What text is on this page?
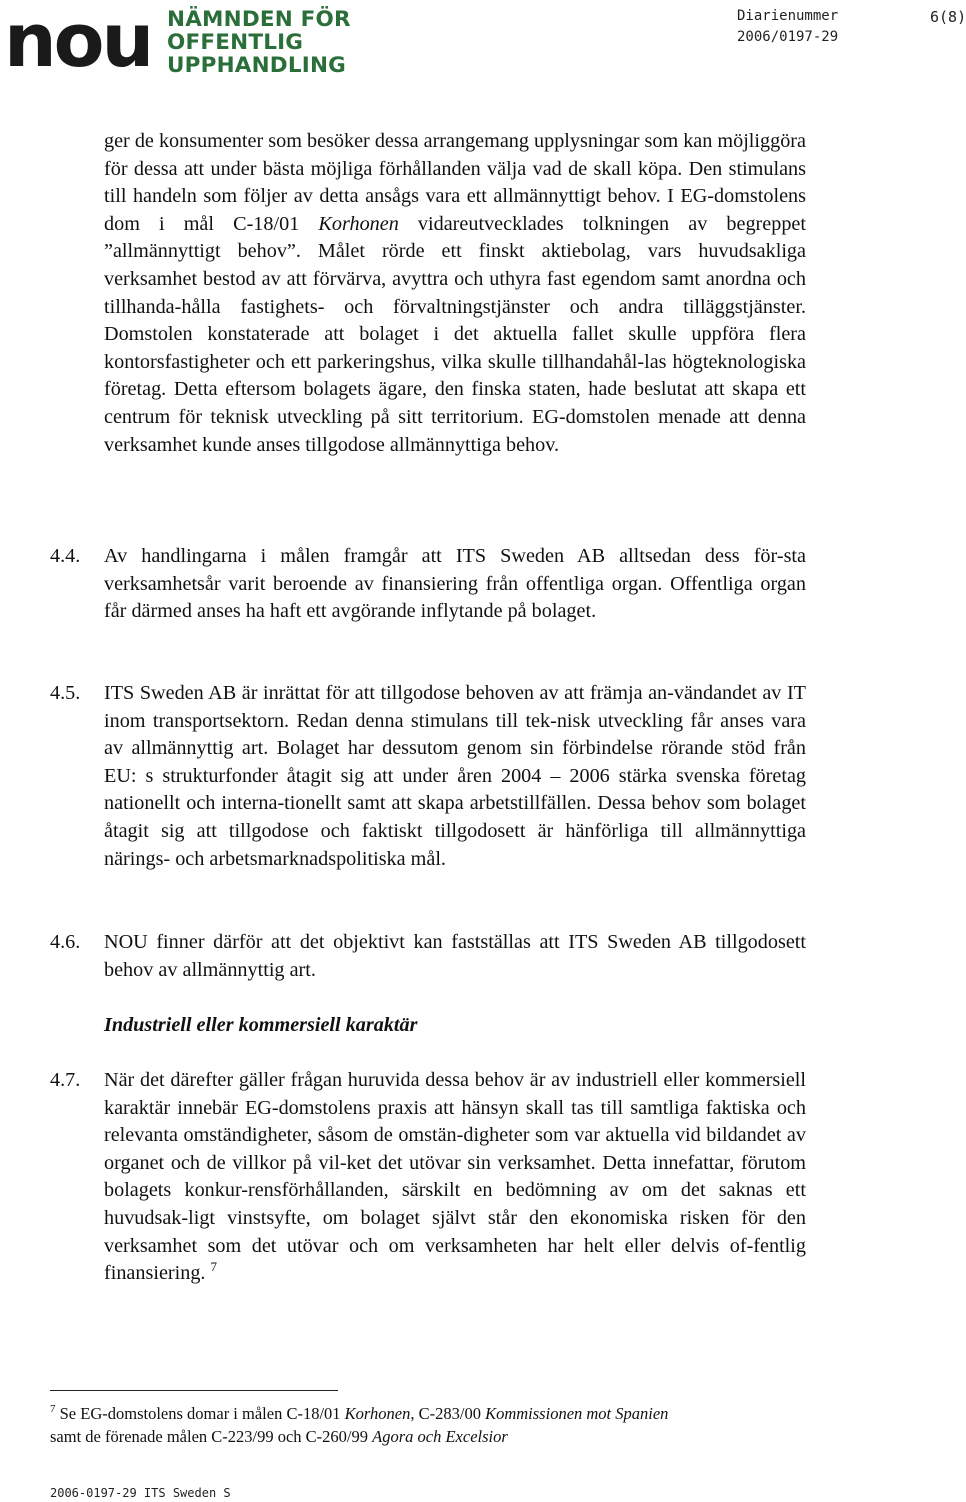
nou NÄMNDEN FÖR
OFFENTLIG
UPPHANDLING
Diarienummer
2006/0197-29
6(8)
ger de konsumenter som besöker dessa arrangemang upplysningar som kan möjliggöra för dessa att under bästa möjliga förhållanden välja vad de skall köpa. Den stimulans till handeln som följer av detta ansågs vara ett allmännyttigt behov. I EG-domstolens dom i mål C-18/01 Korhonen vidareutvecklades tolkningen av begreppet ”allmännyttigt behov”. Målet rörde ett finskt aktiebolag, vars huvudsakliga verksamhet bestod av att förvärva, avyttra och uthyra fast egendom samt anordna och tillhanda-hålla fastighets- och förvaltningstjänster och andra tilläggstjänster. Domstolen konstaterade att bolaget i det aktuella fallet skulle uppföra flera kontorsfastigheter och ett parkeringshus, vilka skulle tillhandahål-las högteknologiska företag. Detta eftersom bolagets ägare, den finska staten, hade beslutat att skapa ett centrum för teknisk utveckling på sitt territorium. EG-domstolen menade att denna verksamhet kunde anses tillgodose allmännyttiga behov.
4.4. Av handlingarna i målen framgår att ITS Sweden AB alltsedan dess för-sta verksamhetsår varit beroende av finansiering från offentliga organ. Offentliga organ får därmed anses ha haft ett avgörande inflytande på bolaget.
4.5. ITS Sweden AB är inrättat för att tillgodose behoven av att främja an-vändandet av IT inom transportsektorn. Redan denna stimulans till tek-nisk utveckling får anses vara av allmännyttig art. Bolaget har dessutom genom sin förbindelse rörande stöd från EU: s strukturfonder åtagit sig att under åren 2004 – 2006 stärka svenska företag nationellt och interna-tionellt samt att skapa arbetstillfällen. Dessa behov som bolaget åtagit sig att tillgodose och faktiskt tillgodosett är hänförliga till allmännyttiga närings- och arbetsmarknadspolitiska mål.
4.6. NOU finner därför att det objektivt kan fastställas att ITS Sweden AB tillgodosett behov av allmännyttig art.
Industriell eller kommersiell karaktär
4.7. När det därefter gäller frågan huruvida dessa behov är av industriell eller kommersiell karaktär innebär EG-domstolens praxis att hänsyn skall tas till samtliga faktiska och relevanta omständigheter, såsom de omstän-digheter som var aktuella vid bildandet av organet och de villkor på vil-ket det utövar sin verksamhet. Detta innefattar, förutom bolagets konkur-rensförhållanden, särskilt en bedömning av om det saknas ett huvudsak-ligt vinstsyfte, om bolaget självt står den ekonomiska risken för den verksamhet som det utövar och om verksamheten har helt eller delvis of-fentlig finansiering. $^7$
$^7$ Se EG-domstolens domar i målen C-18/01 Korhonen, C-283/00 Kommissionen mot Spanien
samt de förenade målen C-223/99 och C-260/99 Agora och Excelsior
2006-0197-29 ITS Sweden S
